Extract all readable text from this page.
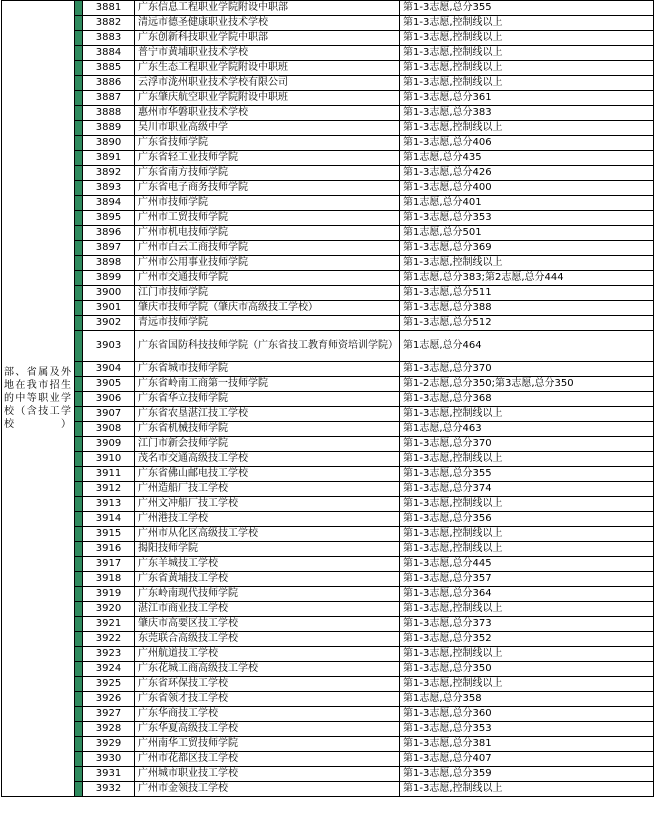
部、省属及外地在我市招生的中等职业学校（含技工学校）		3881	广东信息工程职业学院附设中职部	第1-3志愿,总分355
		3882	清远市德圣健康职业技术学校	第1-3志愿,控制线以上
		3883	广东创新科技职业学院中职部	第1-3志愿,控制线以上
		3884	普宁市黄埔职业技术学校	第1-3志愿,控制线以上
		3885	广东生态工程职业学院附设中职班	第1-3志愿,控制线以上
		3886	云浮市泷州职业技术学校有限公司	第1-3志愿,控制线以上
		3887	广东肇庆航空职业学院附设中职班	第1-3志愿,总分361
		3888	惠州市华磐职业技术学校	第1-3志愿,总分383
		3889	吴川市职业高级中学	第1-3志愿,控制线以上
		3890	广东省技师学院	第1-3志愿,总分406
		3891	广东省轻工业技师学院	第1志愿,总分435
		3892	广东省南方技师学院	第1-3志愿,总分426
		3893	广东省电子商务技师学院	第1-3志愿,总分400
		3894	广州市技师学院	第1志愿,总分401
		3895	广州市工贸技师学院	第1-3志愿,总分353
		3896	广州市机电技师学院	第1志愿,总分501
		3897	广州市白云工商技师学院	第1-3志愿,总分369
		3898	广州市公用事业技师学院	第1-3志愿,控制线以上
		3899	广州市交通技师学院	第1志愿,总分383;第2志愿,总分444
		3900	江门市技师学院	第1-3志愿,总分511
		3901	肇庆市技师学院（肇庆市高级技工学校）	第1-3志愿,总分388
		3902	青远市技师学院	第1-3志愿,总分512
		3903	广东省国防科技技师学院（广东省技工教育师资培训学院）	第1志愿,总分464
		3904	广东省城市技师学院	第1-3志愿,总分370
		3905	广东省岭南工商第一技师学院	第1-2志愿,总分350;第3志愿,总分350
		3906	广东省华立技师学院	第1-3志愿,总分368
		3907	广东省农垦湛江技工学校	第1-3志愿,控制线以上
		3908	广东省机械技师学院	第1志愿,总分463
		3909	江门市新会技师学院	第1-3志愿,总分370
		3910	茂名市交通高级技工学校	第1-3志愿,控制线以上
		3911	广东省佛山邮电技工学校	第1-3志愿,总分355
		3912	广州造船厂技工学校	第1-3志愿,总分374
		3913	广州文冲船厂技工学校	第1-3志愿,控制线以上
		3914	广州港技工学校	第1-3志愿,总分356
		3915	广州市从化区高级技工学校	第1-3志愿,控制线以上
		3916	揭阳技师学院	第1-3志愿,控制线以上
		3917	广东羊城技工学校	第1-3志愿,总分445
		3918	广东省黄埔技工学校	第1-3志愿,总分357
		3919	广东岭南现代技师学院	第1-3志愿,总分364
		3920	湛江市商业技工学校	第1-3志愿,控制线以上
		3921	肇庆市高要区技工学校	第1-3志愿,总分373
		3922	东莞联合高级技工学校	第1-3志愿,总分352
		3923	广州航道技工学校	第1-3志愿,控制线以上
		3924	广东花城工商高级技工学校	第1-3志愿,总分350
		3925	广东省环保技工学校	第1-3志愿,控制线以上
		3926	广东省领才技工学校	第1志愿,总分358
		3927	广东华商技工学校	第1-3志愿,总分360
		3928	广东华夏高级技工学校	第1-3志愿,总分353
		3929	广州南华工贸技师学院	第1-3志愿,总分381
		3930	广州市花都区技工学校	第1-3志愿,总分407
		3931	广州城市职业技工学校	第1-3志愿,总分359
		3932	广州市金领技工学校	第1-3志愿,控制线以上
